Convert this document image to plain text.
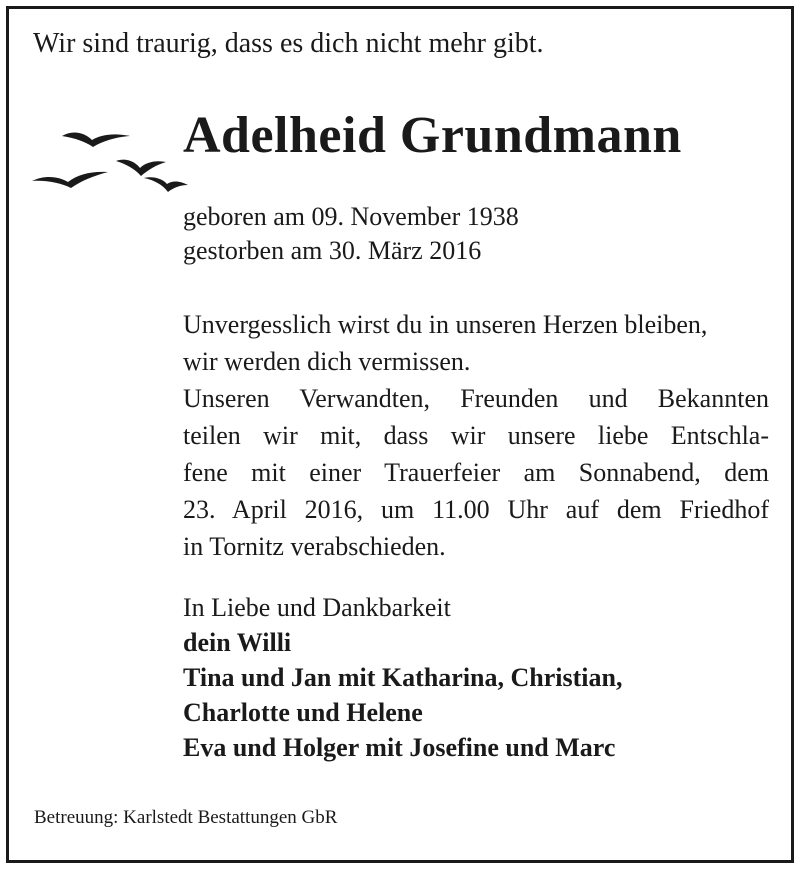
Wir sind traurig, dass es dich nicht mehr gibt.
Adelheid Grundmann
geboren am 09. November 1938
gestorben am 30. März 2016
Unvergesslich wirst du in unseren Herzen bleiben,
wir werden dich vermissen.
Unseren Verwandten, Freunden und Bekannten
teilen wir mit, dass wir unsere liebe Entschla-
fene mit einer Trauerfeier am Sonnabend, dem
23. April 2016, um 11.00 Uhr auf dem Friedhof
in Tornitz verabschieden.
In Liebe und Dankbarkeit
dein Willi
Tina und Jan mit Katharina, Christian,
Charlotte und Helene
Eva und Holger mit Josefine und Marc
Betreuung: Karlstedt Bestattungen GbR
